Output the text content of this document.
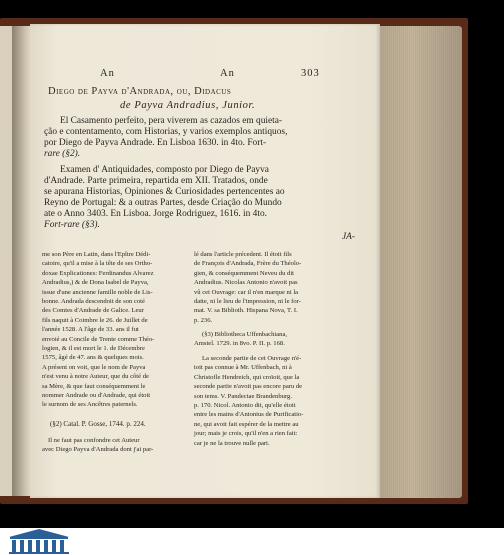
An	An	303
Diego de Payva d'Andrada, ou, Didacus
de Payva Andradius, Junior.
El Casamento perfeito, pera viverem as cazados em quieta-
ção e contentamento, com Historias, y varios exemplos antiquos,
por Diego de Payva Andrade. En Lisboa 1630. in 4to. Fort-
rare (§2).
Examen d' Antiquidades, composto por Diego de Payva
d'Andrade. Parte primeira, repartida em XII. Tratados, onde
se apurana Historias, Opiniones & Curiosidades pertencentes ao
Reyno de Portugal: & a outras Partes, desde Criação do Mundo
ate o Anno 3403. En Lisboa. Jorge Rodriguez, 1616. in 4to.
Fort-rare (§3).
JA-
me son Père en Latin, dans l'Epître Dédi-
catoire, qu'il a mise à la tête de ses Ortho-
doxae Explicationes: Ferdinandus Alvarez
Andradius,) & de Dona Isabel de Payva,
issue d'une ancienne famille noble de Lis-
bonne. Andrada descendoit de son coté
des Comtes d'Andrade de Galice. Leur
fils naquit à Coimbre le 26. de Juillet de
l'année 1528. A l'âge de 33. ans il fut
envoié au Concile de Trente comme Théo-
logien, & il est mort le 1. de Décembre
1575, âgé de 47. ans & quelques mois.
A présent on voit, que le nom de Payva
n'est venu à notre Auteur, que du côté de
sa Mère, & que faut conséquemment le
nommer Andrade ou d'Andrade, qui étoit
le surnom de ses Ancêtres paternels.
(§2) Catal. P. Gosse, 1744. p. 224.
Il ne faut pas confondre cet Auteur
avec Diego Payva d'Andrada dont j'ai par-
lé dans l'article précedent. Il étoit fils
de François d'Andrada, Frère du Théolo-
gien, & conséquemment Neveu du dit
Andradius. Nicolas Antonio n'avoit pas
vû cet Ouvrage: car il n'en marque ni la
datte, ni le lieu de l'impression, ni le for-
mat. V. sa Biblioth. Hispana Nova, T. I.
p. 236.
(§3) Bibliotheca Uffenbachiana,
Amstel. 1729. in 8vo. P. II. p. 168.
La seconde partie de cet Ouvrage n'é-
toit pas connue à Mr. Uffenbach, ni à
Christofle Hendreich, qui croïoit, que la
seconde partie n'avoit pas encore paru de
son tems. V. Pandectae Brandenburg.
p. 170. Nicol. Antonio dit, qu'elle étoit
entre les mains d'Antonius de Purificatio-
ne, qui avoit fait espérer de la mettre au
jour; mais je crois, qu'il n'en a rien fait:
car je ne la trouve nulle part.
